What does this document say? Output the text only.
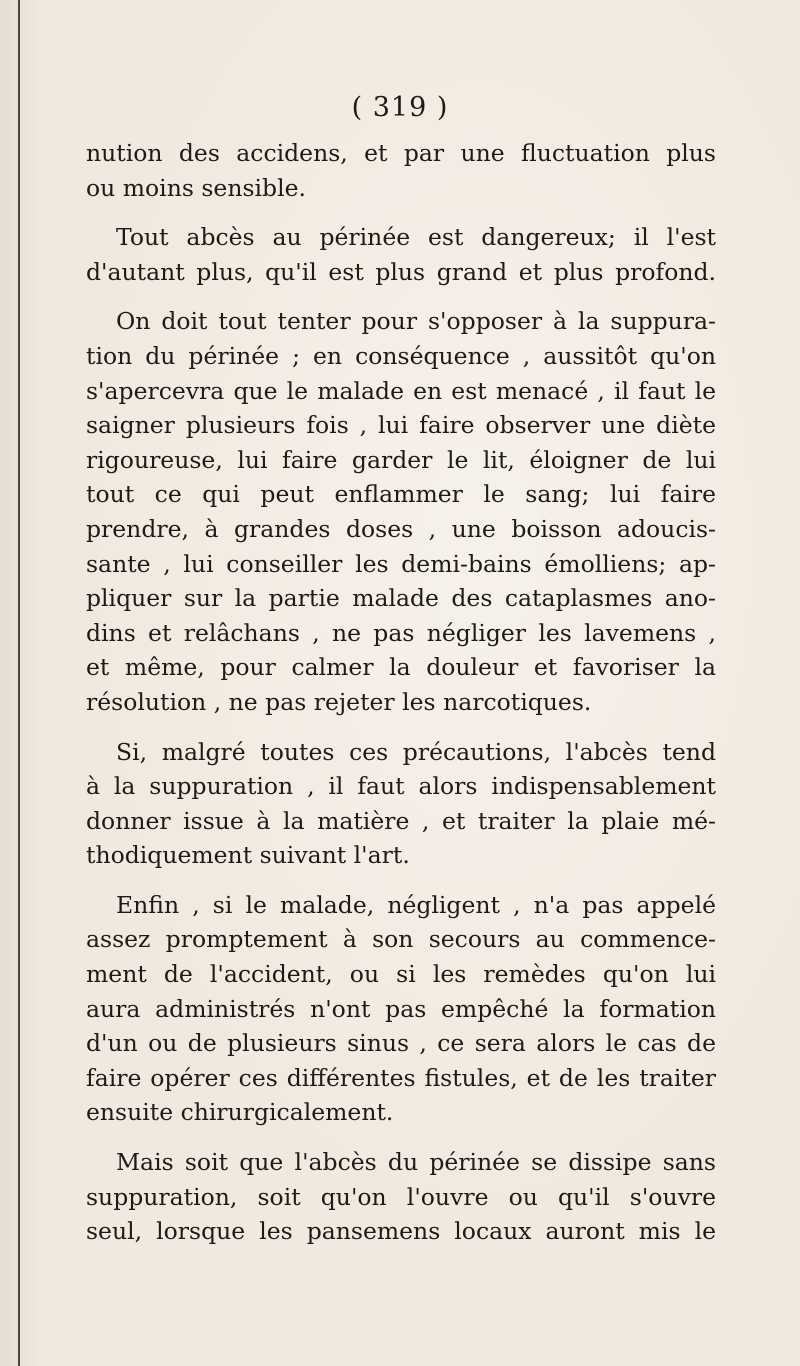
( 319 )
nution des accidens, et par une fluctuation plus
ou moins sensible.
Tout abcès au périnée est dangereux; il l'est
d'autant plus, qu'il est plus grand et plus profond.
On doit tout tenter pour s'opposer à la suppura-
tion du périnée ; en conséquence , aussitôt qu'on
s'apercevra que le malade en est menacé , il faut le
saigner plusieurs fois , lui faire observer une diète
rigoureuse, lui faire garder le lit, éloigner de lui
tout ce qui peut enflammer le sang; lui faire
prendre, à grandes doses , une boisson adoucis-
sante , lui conseiller les demi-bains émolliens; ap-
pliquer sur la partie malade des cataplasmes ano-
dins et relâchans , ne pas négliger les lavemens ,
et même, pour calmer la douleur et favoriser la
résolution , ne pas rejeter les narcotiques.
Si, malgré toutes ces précautions, l'abcès tend
à la suppuration , il faut alors indispensablement
donner issue à la matière , et traiter la plaie mé-
thodiquement suivant l'art.
Enfin , si le malade, négligent , n'a pas appelé
assez promptement à son secours au commence-
ment de l'accident, ou si les remèdes qu'on lui
aura administrés n'ont pas empêché la formation
d'un ou de plusieurs sinus , ce sera alors le cas de
faire opérer ces différentes fistules, et de les traiter
ensuite chirurgicalement.
Mais soit que l'abcès du périnée se dissipe sans
suppuration, soit qu'on l'ouvre ou qu'il s'ouvre
seul, lorsque les pansemens locaux auront mis le
